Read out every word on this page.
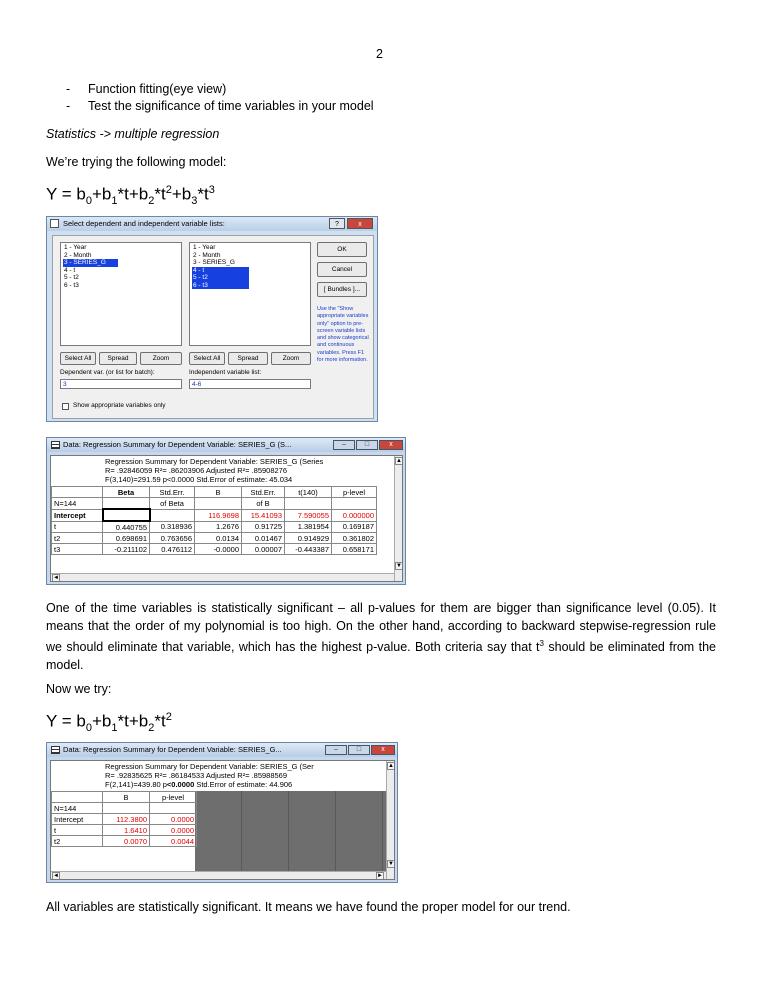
2
- Function fitting(eye view)
- Test the significance of time variables in your model
Statistics -> multiple regression
We’re trying the following model:
$Y = b_0+b_1*t+b_2*t^2+b_3*t^3$
Select dependent and independent variable lists:	?	x
1 - Year
2 - Month
3 - SERIES_G
4 - t
5 - t2
6 - t3
1 - Year
2 - Month
3 - SERIES_G
4 - t
5 - t2
6 - t3
OK
Cancel
[ Bundles ]...
Use the "Show appropriate variables only" option to pre-screen variable lists and show categorical and continuous variables. Press F1 for more information.
Select All	Spread	Zoom	Select All	Spread	Zoom
Dependent var. (or list for batch):
3
Independent variable list:
4-6
Show appropriate variables only
Data: Regression Summary for Dependent Variable: SERIES_G (S...	–	□	x
Regression Summary for Dependent Variable: SERIES_G (Series
R= .92846059 R²= .86203906 Adjusted R²= .85908276
F(3,140)=291.59 p<0.0000 Std.Error of estimate: 45.034
▲
▼
	Beta	Std.Err.	B	Std.Err.	t(140)	p-level
N=144		of Beta		of B		
Intercept			116.9698	15.41093	7.590055	0.000000
t	0.440755	0.318936	1.2676	0.91725	1.381954	0.169187
t2	0.698691	0.763656	0.0134	0.01467	0.914929	0.361802
t3	-0.211102	0.476112	-0.0000	0.00007	-0.443387	0.658171
◄
One of the time variables is statistically significant – all p-values for them are bigger than significance level (0.05). It means that the order of my polynomial is too high. On the other hand, according to backward stepwise-regression rule we should eliminate that variable, which has the highest p-value. Both criteria say that $t^3$ should be eliminated from the model.
Now we try:
$Y = b_0+b_1*t+b_2*t^2$
Data: Regression Summary for Dependent Variable: SERIES_G...	–	□	x
Regression Summary for Dependent Variable: SERIES_G (Ser
R= .92835625 R²= .86184533 Adjusted R²= .85988569
F(2,141)=439.80 p<0.0000 Std.Error of estimate: 44.906
▲
▼
	B	p-level
N=144		
Intercept	112.3800	0.0000
t	1.6410	0.0000
t2	0.0070	0.0044
◄	►
All variables are statistically significant. It means we have found the proper model for our trend.
